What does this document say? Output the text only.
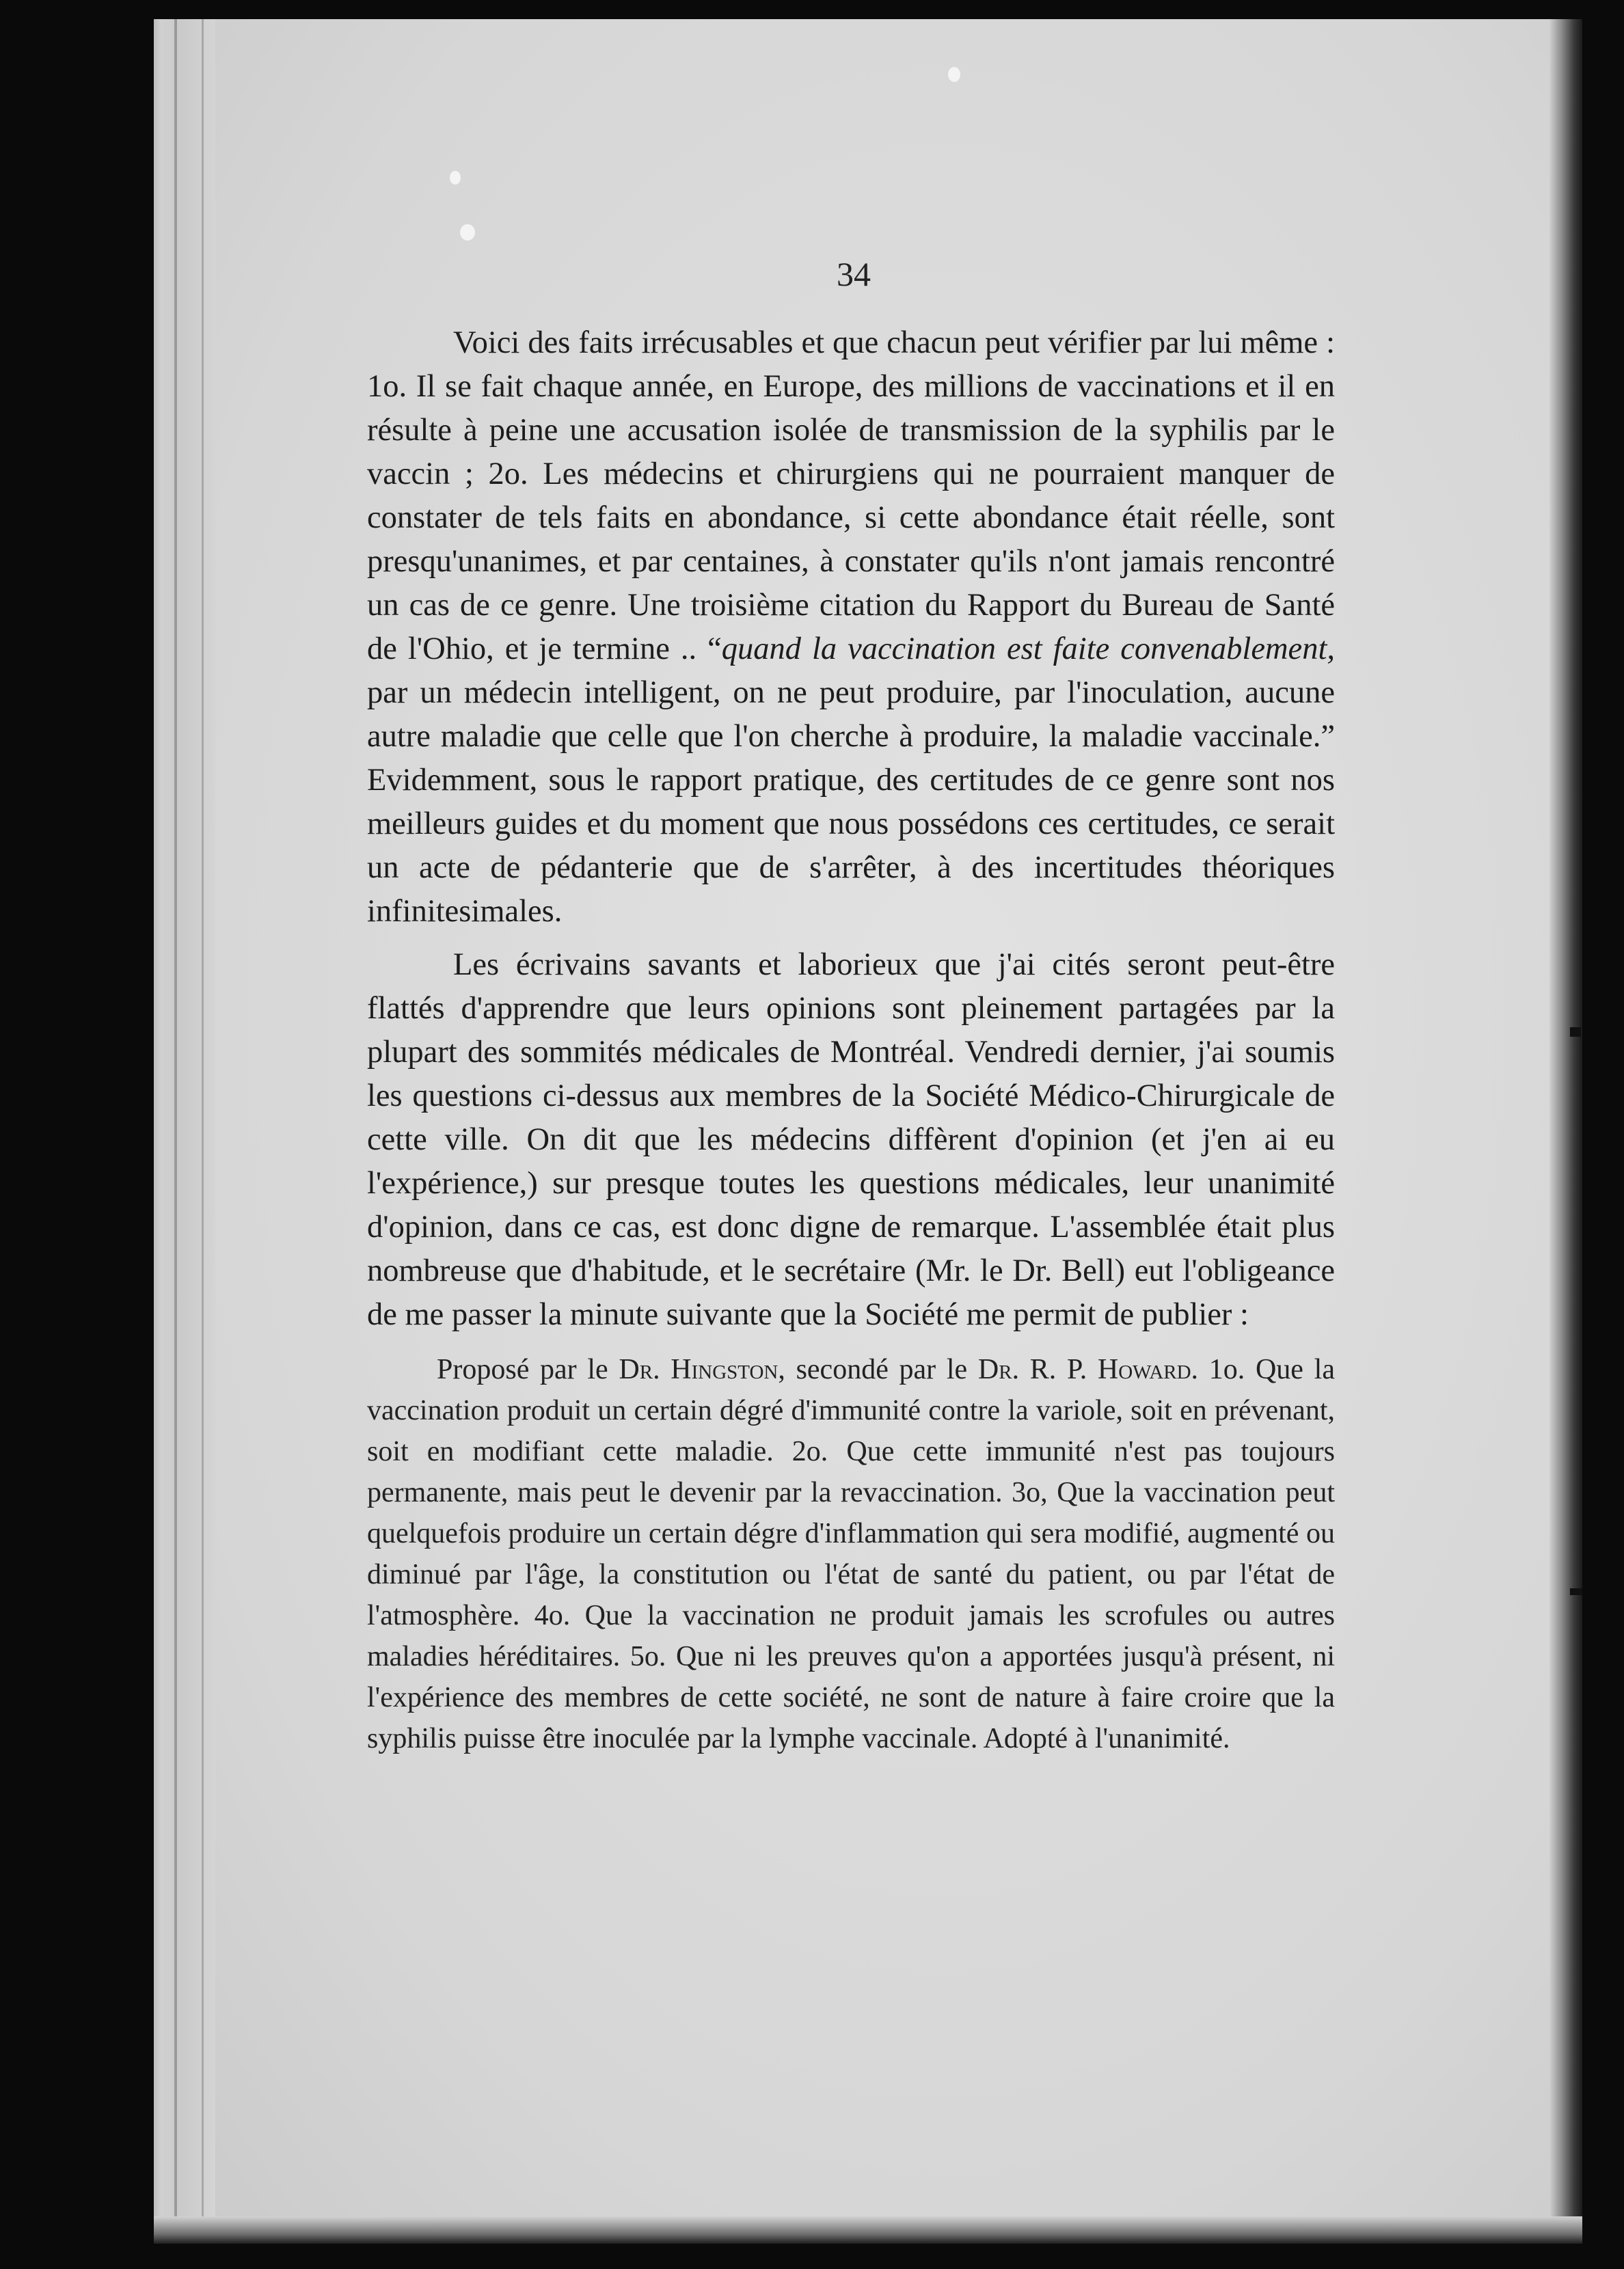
34

Voici des faits irrécusables et que chacun peut vérifier par lui même : 1o. Il se fait chaque année, en Europe, des millions de vaccinations et il en résulte à peine une accusation isolée de transmission de la syphilis par le vaccin ; 2o. Les médecins et chirurgiens qui ne pourraient manquer de constater de tels faits en abondance, si cette abondance était réelle, sont presqu'unanimes, et par centaines, à constater qu'ils n'ont jamais rencontré un cas de ce genre. Une troisième citation du Rapport du Bureau de Santé de l'Ohio, et je termine .. “quand la vaccination est faite convenablement, par un médecin intelligent, on ne peut produire, par l'inoculation, aucune autre maladie que celle que l'on cherche à produire, la maladie vaccinale.” Evidemment, sous le rapport pratique, des certitudes de ce genre sont nos meilleurs guides et du moment que nous possédons ces certitudes, ce serait un acte de pédanterie que de s'arrêter, à des incertitudes théoriques infinitesimales.

Les écrivains savants et laborieux que j'ai cités seront peut-être flattés d'apprendre que leurs opinions sont pleinement partagées par la plupart des sommités médicales de Montréal. Vendredi dernier, j'ai soumis les questions ci-dessus aux membres de la Société Médico-Chirurgicale de cette ville. On dit que les médecins diffèrent d'opinion (et j'en ai eu l'expérience,) sur presque toutes les questions médicales, leur unanimité d'opinion, dans ce cas, est donc digne de remarque. L'assemblée était plus nombreuse que d'habitude, et le secrétaire (Mr. le Dr. Bell) eut l'obligeance de me passer la minute suivante que la Société me permit de publier :

Proposé par le Dr. Hingston, secondé par le Dr. R. P. Howard. 1o. Que la vaccination produit un certain dégré d'immunité contre la variole, soit en prévenant, soit en modifiant cette maladie. 2o. Que cette immunité n'est pas toujours permanente, mais peut le devenir par la revaccination. 3o, Que la vaccination peut quelquefois produire un certain dégre d'inflammation qui sera modifié, augmenté ou diminué par l'âge, la constitution ou l'état de santé du patient, ou par l'état de l'atmosphère. 4o. Que la vaccination ne produit jamais les scrofules ou autres maladies héréditaires. 5o. Que ni les preuves qu'on a apportées jusqu'à présent, ni l'expérience des membres de cette société, ne sont de nature à faire croire que la syphilis puisse être inoculée par la lymphe vaccinale. Adopté à l'unanimité.
